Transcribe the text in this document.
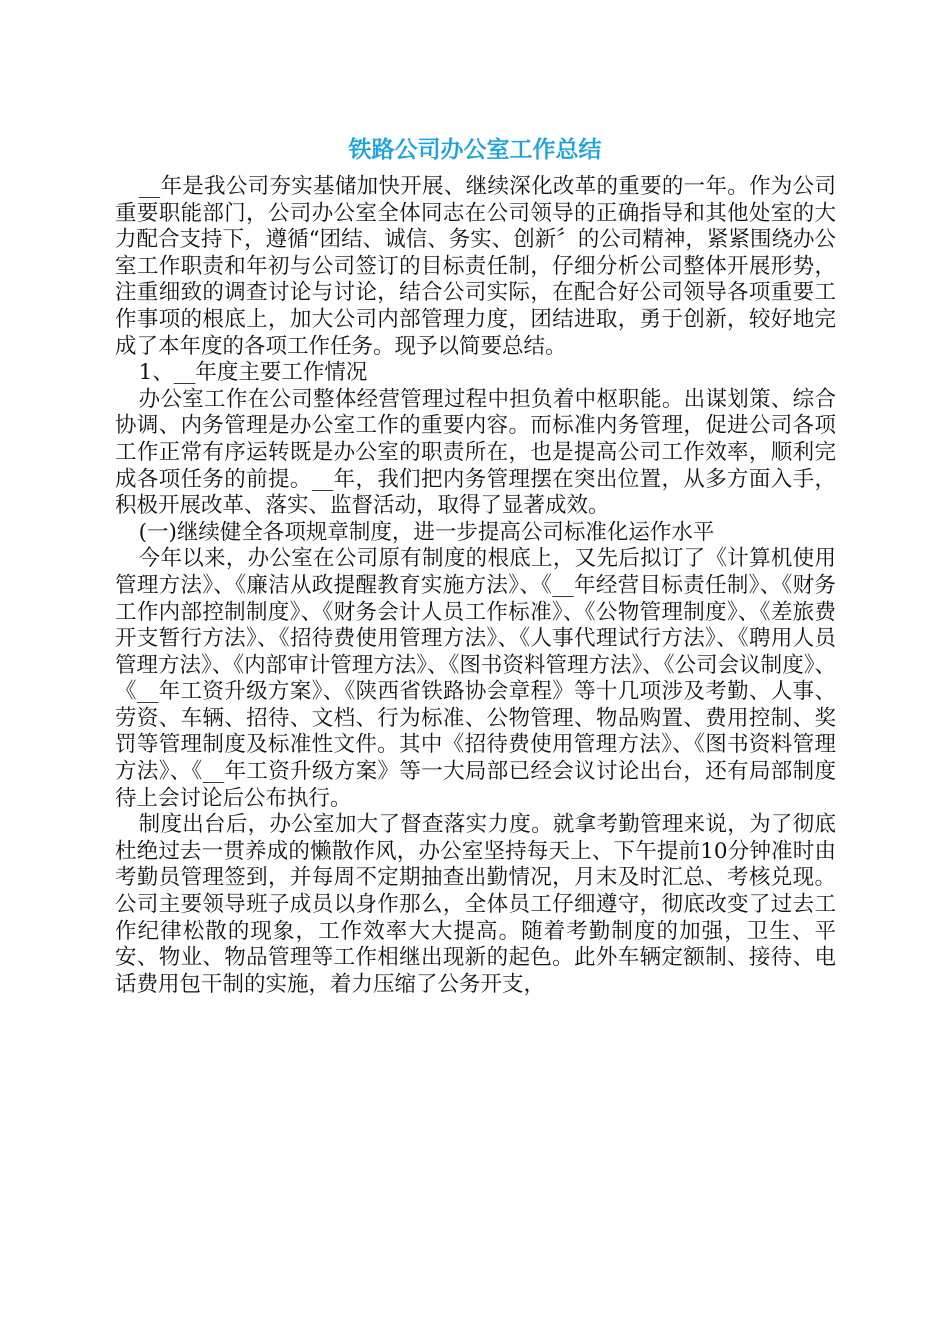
铁路公司办公室工作总结

__年是我公司夯实基储加快开展、继续深化改革的重要的一年。作为公司重要职能部门，公司办公室全体同志在公司领导的正确指导和其他处室的大力配合支持下，遵循“团结、诚信、务实、创新〞的公司精神，紧紧围绕办公室工作职责和年初与公司签订的目标责任制，仔细分析公司整体开展形势，注重细致的调查讨论与讨论，结合公司实际，在配合好公司领导各项重要工作事项的根底上，加大公司内部管理力度，团结进取，勇于创新，较好地完成了本年度的各项工作任务。现予以简要总结。

1、__年度主要工作情况

办公室工作在公司整体经营管理过程中担负着中枢职能。出谋划策、综合协调、内务管理是办公室工作的重要内容。而标准内务管理，促进公司各项工作正常有序运转既是办公室的职责所在，也是提高公司工作效率，顺利完成各项任务的前提。__年，我们把内务管理摆在突出位置，从多方面入手，积极开展改革、落实、监督活动，取得了显著成效。

(一)继续健全各项规章制度，进一步提高公司标准化运作水平

今年以来，办公室在公司原有制度的根底上，又先后拟订了《计算机使用管理方法》、《廉洁从政提醒教育实施方法》、《__年经营目标责任制》、《财务工作内部控制制度》、《财务会计人员工作标准》、《公物管理制度》、《差旅费开支暂行方法》、《招待费使用管理方法》、《人事代理试行方法》、《聘用人员管理方法》、《内部审计管理方法》、《图书资料管理方法》、《公司会议制度》、《__年工资升级方案》、《陕西省铁路协会章程》等十几项涉及考勤、人事、劳资、车辆、招待、文档、行为标准、公物管理、物品购置、费用控制、奖罚等管理制度及标准性文件。其中《招待费使用管理方法》、《图书资料管理方法》、《__年工资升级方案》等一大局部已经会议讨论出台，还有局部制度待上会讨论后公布执行。

制度出台后，办公室加大了督查落实力度。就拿考勤管理来说，为了彻底杜绝过去一贯养成的懒散作风，办公室坚持每天上、下午提前10分钟准时由考勤员管理签到，并每周不定期抽查出勤情况，月末及时汇总、考核兑现。公司主要领导班子成员以身作那么，全体员工仔细遵守，彻底改变了过去工作纪律松散的现象，工作效率大大提高。随着考勤制度的加强，卫生、平安、物业、物品管理等工作相继出现新的起色。此外车辆定额制、接待、电话费用包干制的实施，着力压缩了公务开支，
